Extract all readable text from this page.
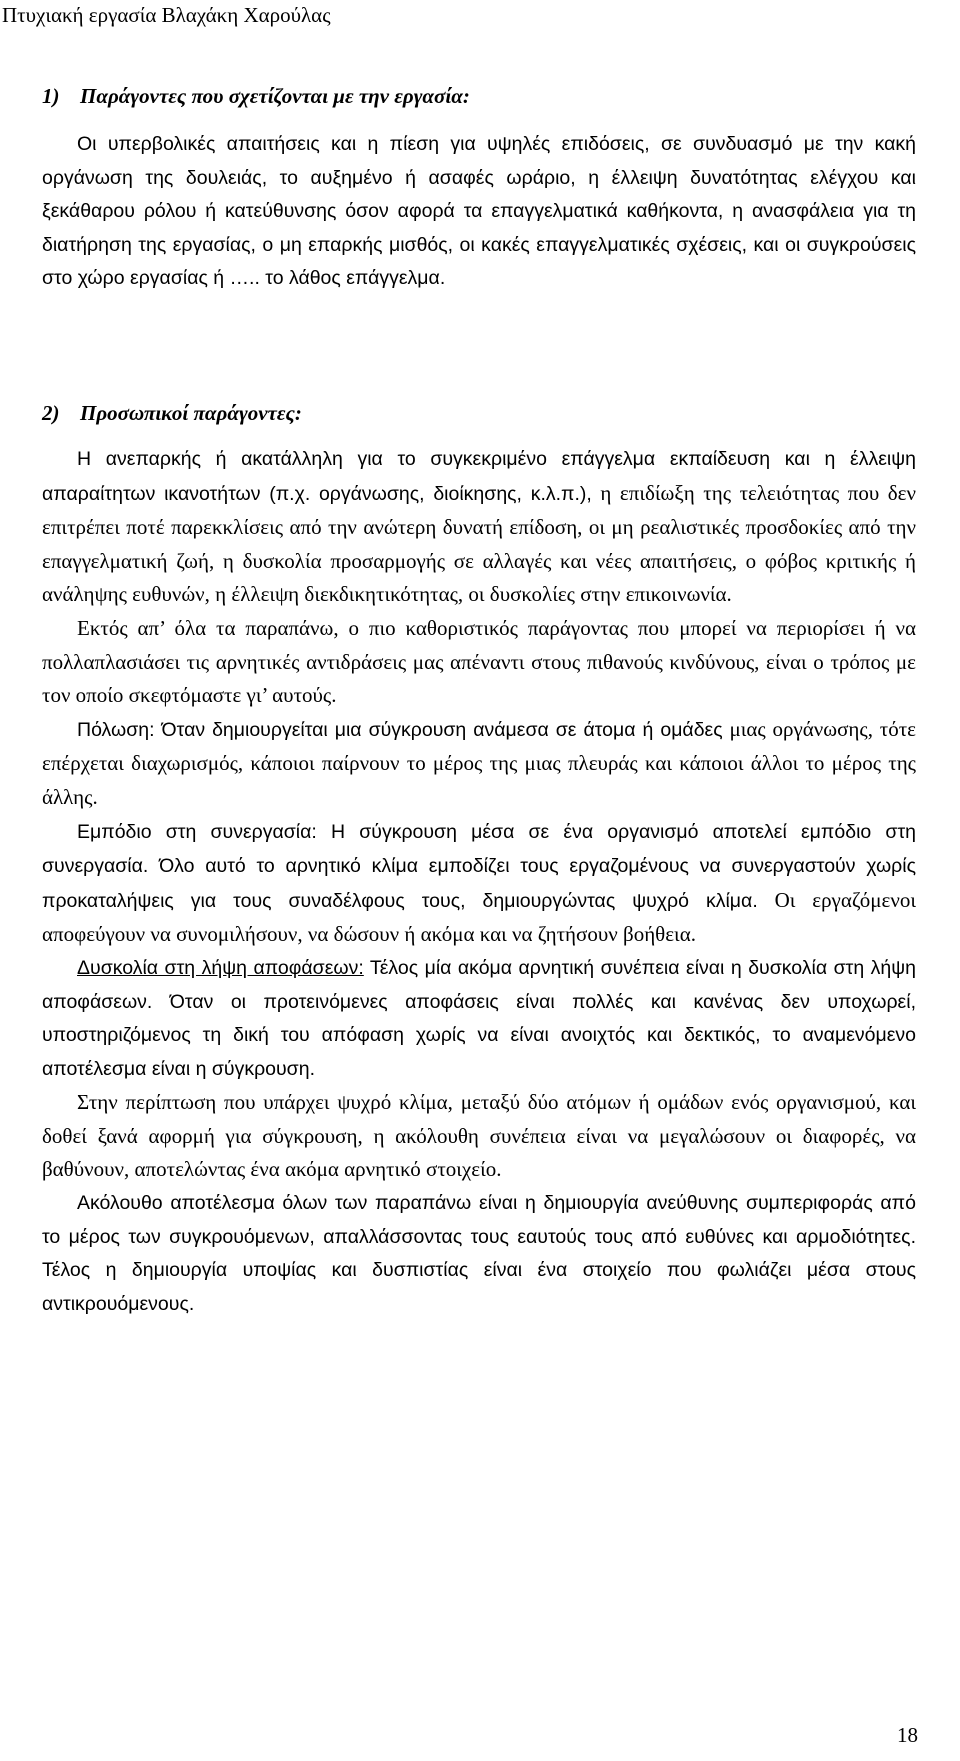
Πτυχιακή εργασία Βλαχάκη Χαρούλας
1) Παράγοντες που σχετίζονται με την εργασία:
Οι υπερβολικές απαιτήσεις και η πίεση για υψηλές επιδόσεις, σε συνδυασμό με την κακή οργάνωση της δουλειάς, το αυξημένο ή ασαφές ωράριο, η έλλειψη δυνατότητας ελέγχου και ξεκάθαρου ρόλου ή κατεύθυνσης όσον αφορά τα επαγγελματικά καθήκοντα, η ανασφάλεια για τη διατήρηση της εργασίας, ο μη επαρκής μισθός, οι κακές επαγγελματικές σχέσεις, και οι συγκρούσεις στο χώρο εργασίας ή ….. το λάθος επάγγελμα.
2) Προσωπικοί παράγοντες:
Η ανεπαρκής ή ακατάλληλη για το συγκεκριμένο επάγγελμα εκπαίδευση και η έλλειψη απαραίτητων ικανοτήτων (π.χ. οργάνωσης, διοίκησης, κ.λ.π.), η επιδίωξη της τελειότητας που δεν επιτρέπει ποτέ παρεκκλίσεις από την ανώτερη δυνατή επίδοση, οι μη ρεαλιστικές προσδοκίες από την επαγγελματική ζωή, η δυσκολία προσαρμογής σε αλλαγές και νέες απαιτήσεις, ο φόβος κριτικής ή ανάληψης ευθυνών, η έλλειψη διεκδικητικότητας, οι δυσκολίες στην επικοινωνία.
Εκτός απ’ όλα τα παραπάνω, ο πιο καθοριστικός παράγοντας που μπορεί να περιορίσει ή να πολλαπλασιάσει τις αρνητικές αντιδράσεις μας απέναντι στους πιθανούς κινδύνους, είναι ο τρόπος με τον οποίο σκεφτόμαστε γι’ αυτούς.
Πόλωση: Όταν δημιουργείται μια σύγκρουση ανάμεσα σε άτομα ή ομάδες μιας οργάνωσης, τότε επέρχεται διαχωρισμός, κάποιοι παίρνουν το μέρος της μιας πλευράς και κάποιοι άλλοι το μέρος της άλλης.
Εμπόδιο στη συνεργασία: Η σύγκρουση μέσα σε ένα οργανισμό αποτελεί εμπόδιο στη συνεργασία. Όλο αυτό το αρνητικό κλίμα εμποδίζει τους εργαζομένους να συνεργαστούν χωρίς προκαταλήψεις για τους συναδέλφους τους, δημιουργώντας ψυχρό κλίμα. Οι εργαζόμενοι αποφεύγουν να συνομιλήσουν, να δώσουν ή ακόμα και να ζητήσουν βοήθεια.
Δυσκολία στη λήψη αποφάσεων: Τέλος μία ακόμα αρνητική συνέπεια είναι η δυσκολία στη λήψη αποφάσεων. Όταν οι προτεινόμενες αποφάσεις είναι πολλές και κανένας δεν υποχωρεί, υποστηριζόμενος τη δική του απόφαση χωρίς να είναι ανοιχτός και δεκτικός, το αναμενόμενο αποτέλεσμα είναι η σύγκρουση.
Στην περίπτωση που υπάρχει ψυχρό κλίμα, μεταξύ δύο ατόμων ή ομάδων ενός οργανισμού, και δοθεί ξανά αφορμή για σύγκρουση, η ακόλουθη συνέπεια είναι να μεγαλώσουν οι διαφορές, να βαθύνουν, αποτελώντας ένα ακόμα αρνητικό στοιχείο.
Ακόλουθο αποτέλεσμα όλων των παραπάνω είναι η δημιουργία ανεύθυνης συμπεριφοράς από το μέρος των συγκρουόμενων, απαλλάσσοντας τους εαυτούς τους από ευθύνες και αρμοδιότητες. Τέλος η δημιουργία υποψίας και δυσπιστίας είναι ένα στοιχείο που φωλιάζει μέσα στους αντικρουόμενους.
18
